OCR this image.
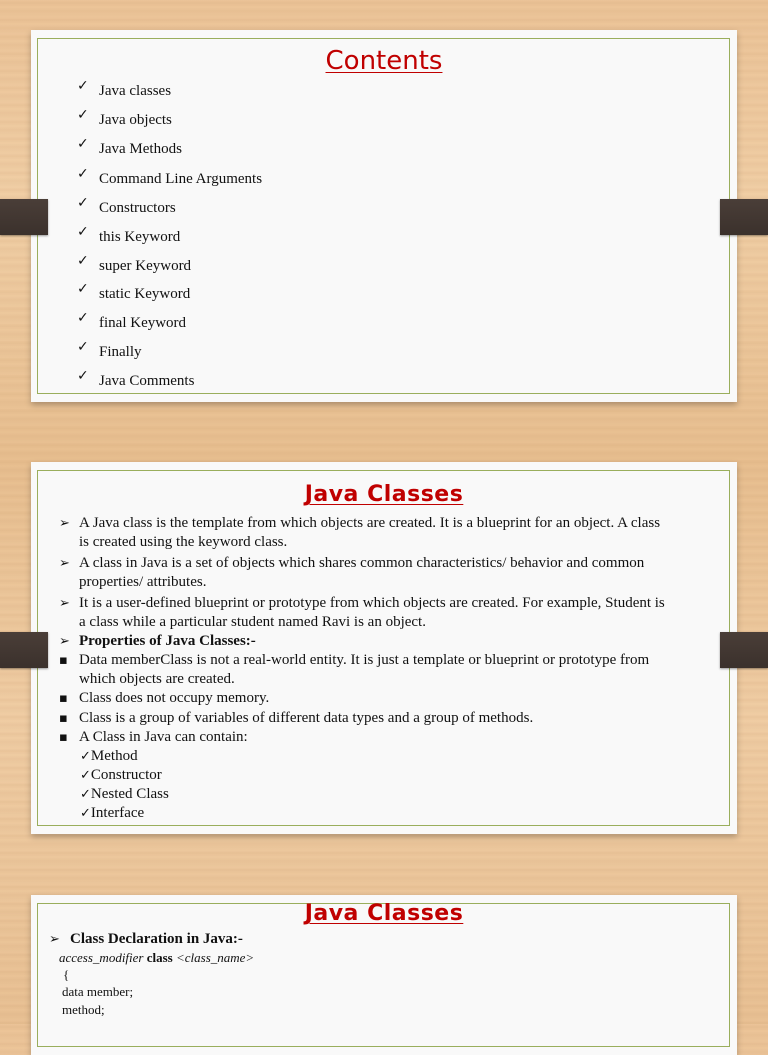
Contents
✓ Java classes
✓ Java objects
✓ Java Methods
✓ Command Line Arguments
✓ Constructors
✓ this Keyword
✓ super Keyword
✓ static Keyword
✓ final Keyword
✓ Finally
✓ Java Comments
Java Classes
➢ A Java class is the template from which objects are created. It is a blueprint for an object. A class
is created using the keyword class.
➢ A class in Java is a set of objects which shares common characteristics/ behavior and common
properties/ attributes.
➢ It is a user-defined blueprint or prototype from which objects are created. For example, Student is
a class while a particular student named Ravi is an object.
➢ Properties of Java Classes:-
▪ Data memberClass is not a real-world entity. It is just a template or blueprint or prototype from
which objects are created.
▪ Class does not occupy memory.
▪ Class is a group of variables of different data types and a group of methods.
▪ A Class in Java can contain:
✓Method
✓Constructor
✓Nested Class
✓Interface
Java Classes
➢ Class Declaration in Java:-
access_modifier class <class_name>
{
data member;
method;
